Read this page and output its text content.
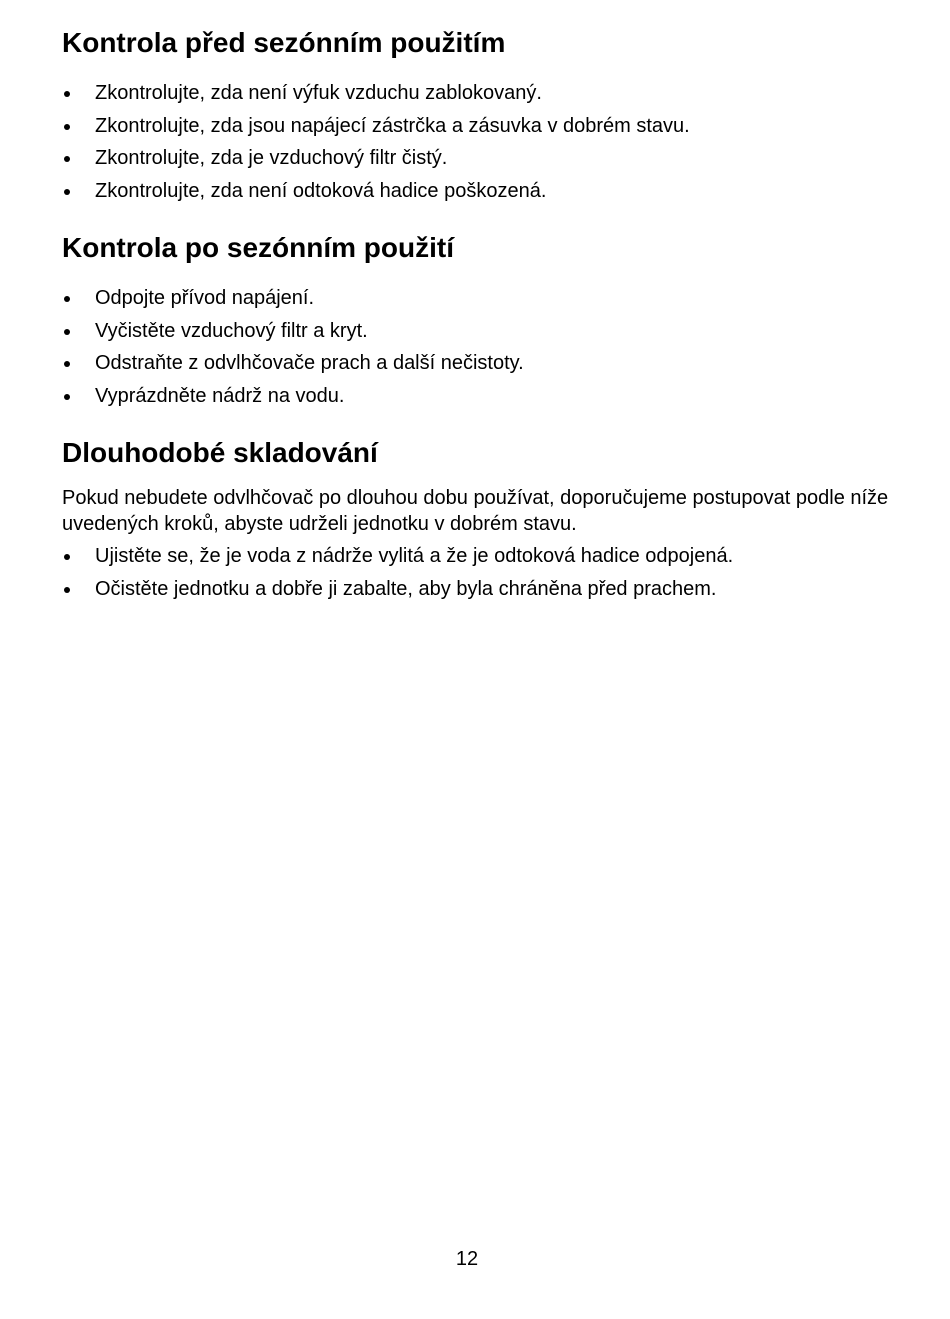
Kontrola před sezónním použitím
Zkontrolujte, zda není výfuk vzduchu zablokovaný.
Zkontrolujte, zda jsou napájecí zástrčka a zásuvka v dobrém stavu.
Zkontrolujte, zda je vzduchový filtr čistý.
Zkontrolujte, zda není odtoková hadice poškozená.
Kontrola po sezónním použití
Odpojte přívod napájení.
Vyčistěte vzduchový filtr a kryt.
Odstraňte z odvlhčovače prach a další nečistoty.
Vyprázdněte nádrž na vodu.
Dlouhodobé skladování

Pokud nebudete odvlhčovač po dlouhou dobu používat, doporučujeme postupovat podle níže uvedených kroků, abyste udrželi jednotku v dobrém stavu.

Ujistěte se, že je voda z nádrže vylitá a že je odtoková hadice odpojená.
Očistěte jednotku a dobře ji zabalte, aby byla chráněna před prachem.
12
